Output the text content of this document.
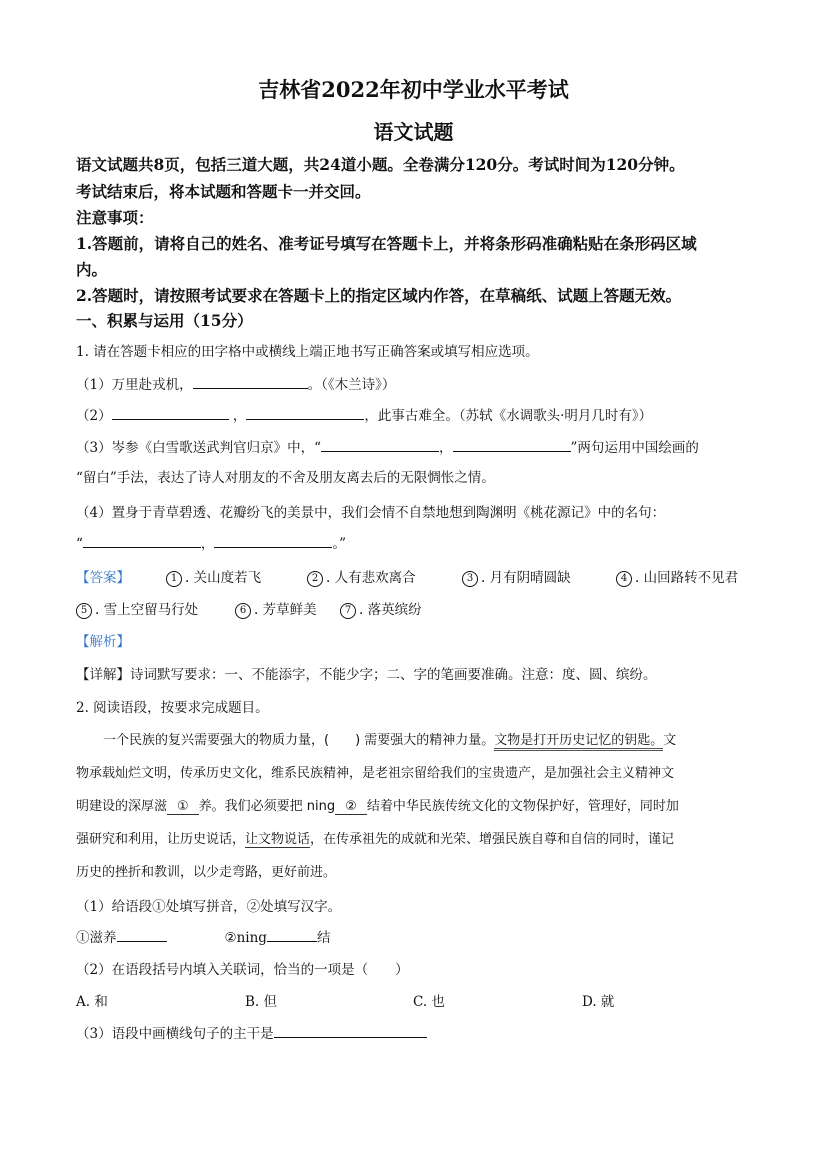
吉林省2022年初中学业水平考试
语文试题
语文试题共8页，包括三道大题，共24道小题。全卷满分120分。考试时间为120分钟。
考试结束后，将本试题和答题卡一并交回。
注意事项：
1.答题前，请将自己的姓名、准考证号填写在答题卡上，并将条形码准确粘贴在条形码区域
内。
2.答题时，请按照考试要求在答题卡上的指定区域内作答，在草稿纸、试题上答题无效。
一、积累与运用（15分）
1. 请在答题卡相应的田字格中或横线上端正地书写正确答案或填写相应选项。
（1）万里赴戎机，	。（《木兰诗》）
（2）	，	，此事古难全。（苏轼《水调歌头·明月几时有》）
（3）岑参《白雪歌送武判官归京》中，“	，	”两句运用中国绘画的
“留白”手法，表达了诗人对朋友的不舍及朋友离去后的无限惆怅之情。
（4）置身于青草碧透、花瓣纷飞的美景中，我们会情不自禁地想到陶渊明《桃花源记》中的名句：
“	，	。”
【答案】	1 . 关山度若飞	2 . 人有悲欢离合	3 . 月有阴晴圆缺	4 . 山回路转不见君
5 . 雪上空留马行处	6 . 芳草鲜美	7 . 落英缤纷
【解析】
【详解】诗词默写要求：一、不能添字，不能少字；二、字的笔画要准确。注意：度、圆、缤纷。
2. 阅读语段，按要求完成题目。
一个民族的复兴需要强大的物质力量，(　　) 需要强大的精神力量。文物是打开历史记忆的钥匙。文
物承载灿烂文明，传承历史文化，维系民族精神，是老祖宗留给我们的宝贵遗产，是加强社会主义精神文
明建设的深厚滋 ① 养。我们必须要把 ning ② 结着中华民族传统文化的文物保护好，管理好，同时加
强研究和利用，让历史说话，让文物说话，在传承祖先的成就和光荣、增强民族自尊和自信的同时，谨记
历史的挫折和教训，以少走弯路，更好前进。
（1）给语段①处填写拼音，②处填写汉字。
①滋养	②ning	结
（2）在语段括号内填入关联词，恰当的一项是（　　）
A. 和	B. 但	C. 也	D. 就
（3）语段中画横线句子的主干是
